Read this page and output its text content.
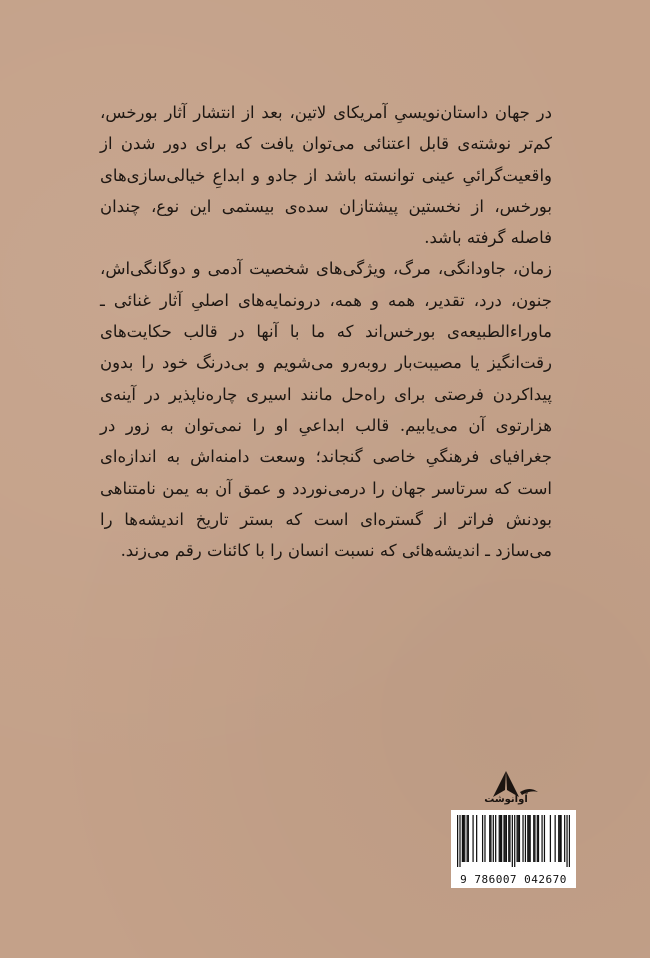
در جهان داستان‌نویسیِ آمریکای لاتین، بعد از انتشار آثار بورخس، کم‌تر نوشته‌ی قابل اعتنائی می‌توان یافت که برای دور شدن از واقعیت‌گرائیِ عینی توانسته باشد از جادو و ابداعِ خیالی‌سازی‌های بورخس، از نخستین پیشتازان سده‌ی بیستمی این نوع، چندان فاصله گرفته باشد.

زمان، جاودانگی، مرگ، ویژگی‌های شخصیت آدمی و دوگانگی‌اش، جنون، درد، تقدیر، همه و همه، درونمایه‌های اصلیِ آثار غنائی ـ ماوراءالطبیعه‌ی بورخس‌اند که ما با آنها در قالب حکایت‌های رقت‌انگیز یا مصیبت‌بار روبه‌رو می‌شویم و بی‌درنگ خود را بدون پیداکردن فرصتی برای راه‌حل مانند اسیری چاره‌ناپذیر در آینه‌ی هزارتوی آن می‌یابیم. قالب ابداعیِ او را نمی‌توان به زور در جغرافیای فرهنگیِ خاصی گنجاند؛ وسعت دامنه‌اش به اندازه‌ای است که سرتاسر جهان را درمی‌نوردد و عمق آن به یمن نامتناهی بودنش فراتر از گستره‌ای است که بستر تاریخ اندیشه‌ها را می‌سازد ـ اندیشه‌هائی که نسبت انسان را با کائنات رقم می‌زند.

آوانوشت
9 786007 042670
